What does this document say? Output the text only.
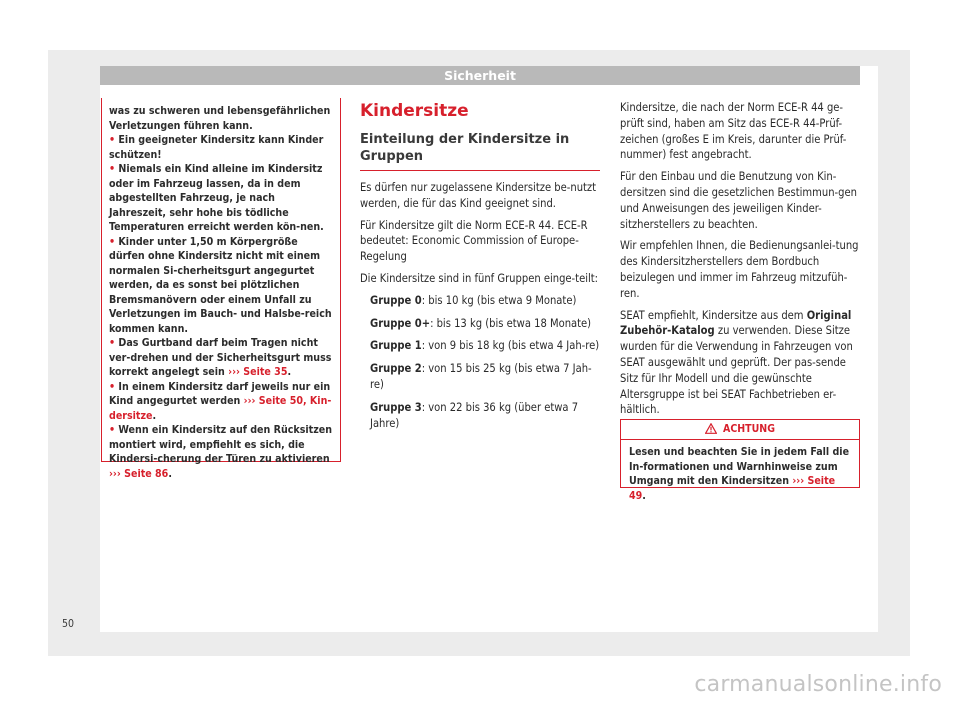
Sicherheit

was zu schweren und lebensgefährlichen Verletzungen führen kann.

• Ein geeigneter Kindersitz kann Kinder schützen!

• Niemals ein Kind alleine im Kindersitz oder im Fahrzeug lassen, da in dem abgestellten Fahrzeug, je nach Jahreszeit, sehr hohe bis tödliche Temperaturen erreicht werden kön-nen.

• Kinder unter 1,50 m Körpergröße dürfen ohne Kindersitz nicht mit einem normalen Si-cherheitsgurt angegurtet werden, da es sonst bei plötzlichen Bremsmanövern oder einem Unfall zu Verletzungen im Bauch- und Halsbe-reich kommen kann.

• Das Gurtband darf beim Tragen nicht ver-drehen und der Sicherheitsgurt muss korrekt angelegt sein ››› Seite 35.

• In einem Kindersitz darf jeweils nur ein Kind angegurtet werden ››› Seite 50, Kin-dersitze.

• Wenn ein Kindersitz auf den Rücksitzen montiert wird, empfiehlt es sich, die Kindersi-cherung der Türen zu aktivieren ››› Seite 86.

Kindersitze
Einteilung der Kindersitze in Gruppen

Es dürfen nur zugelassene Kindersitze be-nutzt werden, die für das Kind geeignet sind.

Für Kindersitze gilt die Norm ECE-R 44. ECE-R bedeutet: Economic Commission of Europe-Regelung

Die Kindersitze sind in fünf Gruppen einge-teilt:

Gruppe 0: bis 10 kg (bis etwa 9 Monate)

Gruppe 0+: bis 13 kg (bis etwa 18 Monate)

Gruppe 1: von 9 bis 18 kg (bis etwa 4 Jah-re)

Gruppe 2: von 15 bis 25 kg (bis etwa 7 Jah-re)

Gruppe 3: von 22 bis 36 kg (über etwa 7 Jahre)

Kindersitze, die nach der Norm ECE-R 44 ge-prüft sind, haben am Sitz das ECE-R 44-Prüf-zeichen (großes E im Kreis, darunter die Prüf-nummer) fest angebracht.

Für den Einbau und die Benutzung von Kin-dersitzen sind die gesetzlichen Bestimmun-gen und Anweisungen des jeweiligen Kinder-sitzherstellers zu beachten.

Wir empfehlen Ihnen, die Bedienungsanlei-tung des Kindersitzherstellers dem Bordbuch beizulegen und immer im Fahrzeug mitzufüh-ren.

SEAT empfiehlt, Kindersitze aus dem Original Zubehör-Katalog zu verwenden. Diese Sitze wurden für die Verwendung in Fahrzeugen von SEAT ausgewählt und geprüft. Der pas-sende Sitz für Ihr Modell und die gewünschte Altersgruppe ist bei SEAT Fachbetrieben er-hältlich.

ACHTUNG
Lesen und beachten Sie in jedem Fall die In-formationen und Warnhinweise zum Umgang mit den Kindersitzen ››› Seite 49.
50
carmanualsonline.info
